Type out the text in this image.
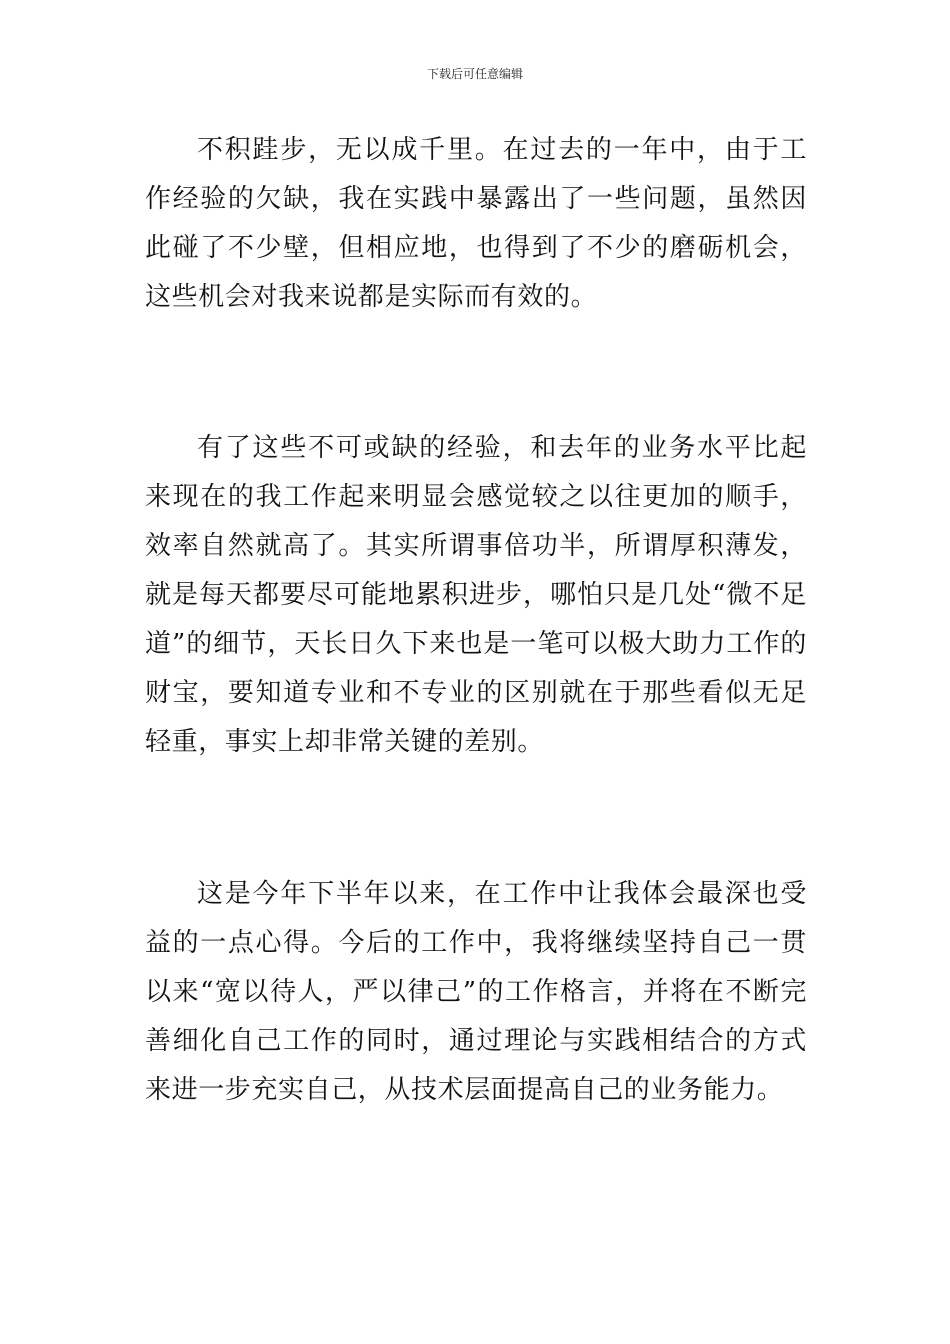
下载后可任意编辑

不积跬步，无以成千里。在过去的一年中，由于工作经验的欠缺，我在实践中暴露出了一些问题，虽然因此碰了不少壁，但相应地，也得到了不少的磨砺机会，这些机会对我来说都是实际而有效的。

有了这些不可或缺的经验，和去年的业务水平比起来现在的我工作起来明显会感觉较之以往更加的顺手，效率自然就高了。其实所谓事倍功半，所谓厚积薄发，就是每天都要尽可能地累积进步，哪怕只是几处“微不足道”的细节，天长日久下来也是一笔可以极大助力工作的财宝，要知道专业和不专业的区别就在于那些看似无足轻重，事实上却非常关键的差别。

这是今年下半年以来，在工作中让我体会最深也受益的一点心得。今后的工作中，我将继续坚持自己一贯以来“宽以待人，严以律己”的工作格言，并将在不断完善细化自己工作的同时，通过理论与实践相结合的方式来进一步充实自己，从技术层面提高自己的业务能力。
